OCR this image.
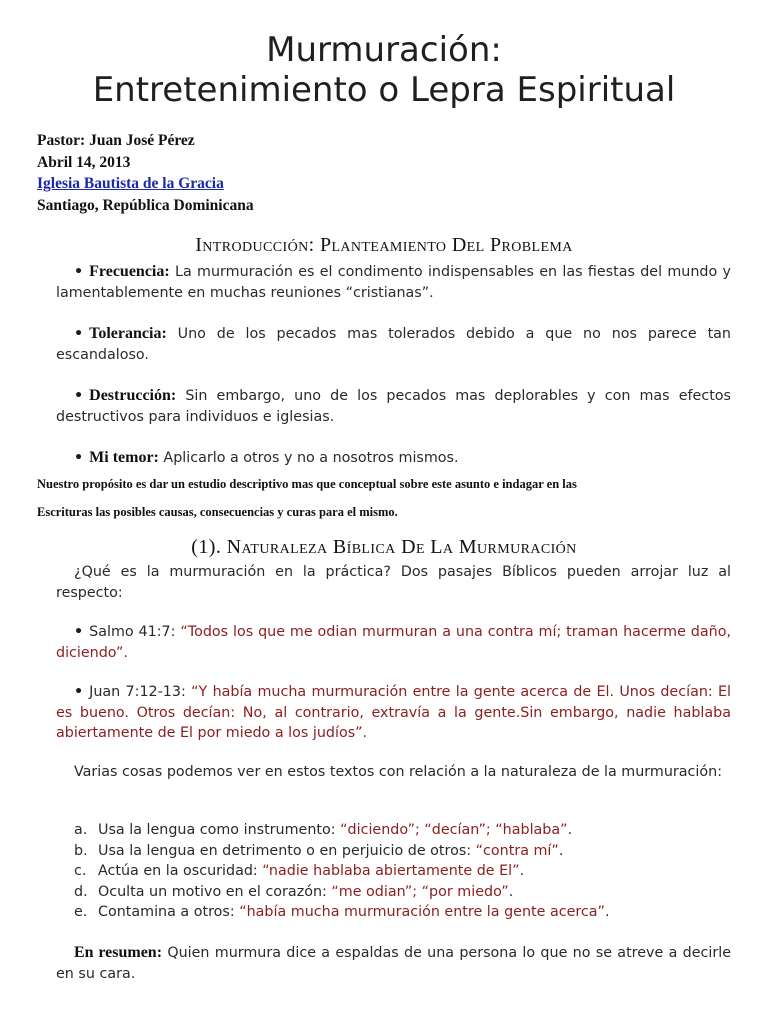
Murmuración:
Entretenimiento o Lepra Espiritual
Pastor: Juan José Pérez
Abril 14, 2013
Iglesia Bautista de la Gracia
Santiago, República Dominicana
Introducción: Planteamiento Del Problema
• Frecuencia: La murmuración es el condimento indispensables en las fiestas del mundo y lamentablemente en muchas reuniones “cristianas”.
• Tolerancia: Uno de los pecados mas tolerados debido a que no nos parece tan escandaloso.
• Destrucción: Sin embargo, uno de los pecados mas deplorables y con mas efectos destructivos para individuos e iglesias.
• Mi temor: Aplicarlo a otros y no a nosotros mismos.
Nuestro propósito es dar un estudio descriptivo mas que conceptual sobre este asunto e indagar en las
Escrituras las posibles causas, consecuencias y curas para el mismo.
(1). Naturaleza Bíblica De La Murmuración
¿Qué es la murmuración en la práctica? Dos pasajes Bíblicos pueden arrojar luz al respecto:
• Salmo 41:7: “Todos los que me odian murmuran a una contra mí; traman hacerme daño, diciendo”.
• Juan 7:12-13: “Y había mucha murmuración entre la gente acerca de El. Unos decían: El es bueno. Otros decían: No, al contrario, extravía a la gente.Sin embargo, nadie hablaba abiertamente de El por miedo a los judíos”.
Varias cosas podemos ver en estos textos con relación a la naturaleza de la murmuración:
a. Usa la lengua como instrumento: “diciendo”; “decían”; “hablaba”.
b. Usa la lengua en detrimento o en perjuicio de otros: “contra mí”.
c. Actúa en la oscuridad: “nadie hablaba abiertamente de El”.
d. Oculta un motivo en el corazón: “me odian”; “por miedo”.
e. Contamina a otros: “había mucha murmuración entre la gente acerca”.
En resumen: Quien murmura dice a espaldas de una persona lo que no se atreve a decirle en su cara.
